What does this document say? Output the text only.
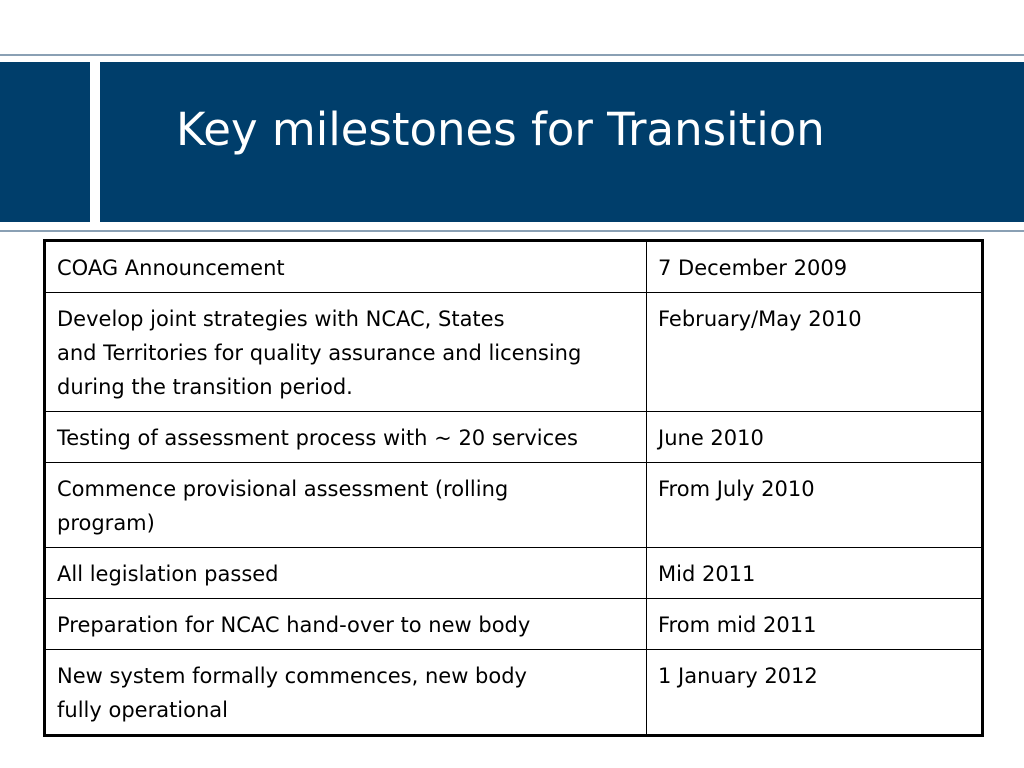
Key milestones for Transition
COAG Announcement	7 December 2009

Develop joint strategies with NCAC, States
and Territories for quality assurance and licensing
during the transition period.	February/May 2010

Testing of assessment process with ~ 20 services	June 2010

Commence provisional assessment (rolling
program)	From July 2010

All legislation passed	Mid 2011

Preparation for NCAC hand-over to new body	From mid 2011

New system formally commences, new body
fully operational	1 January 2012
